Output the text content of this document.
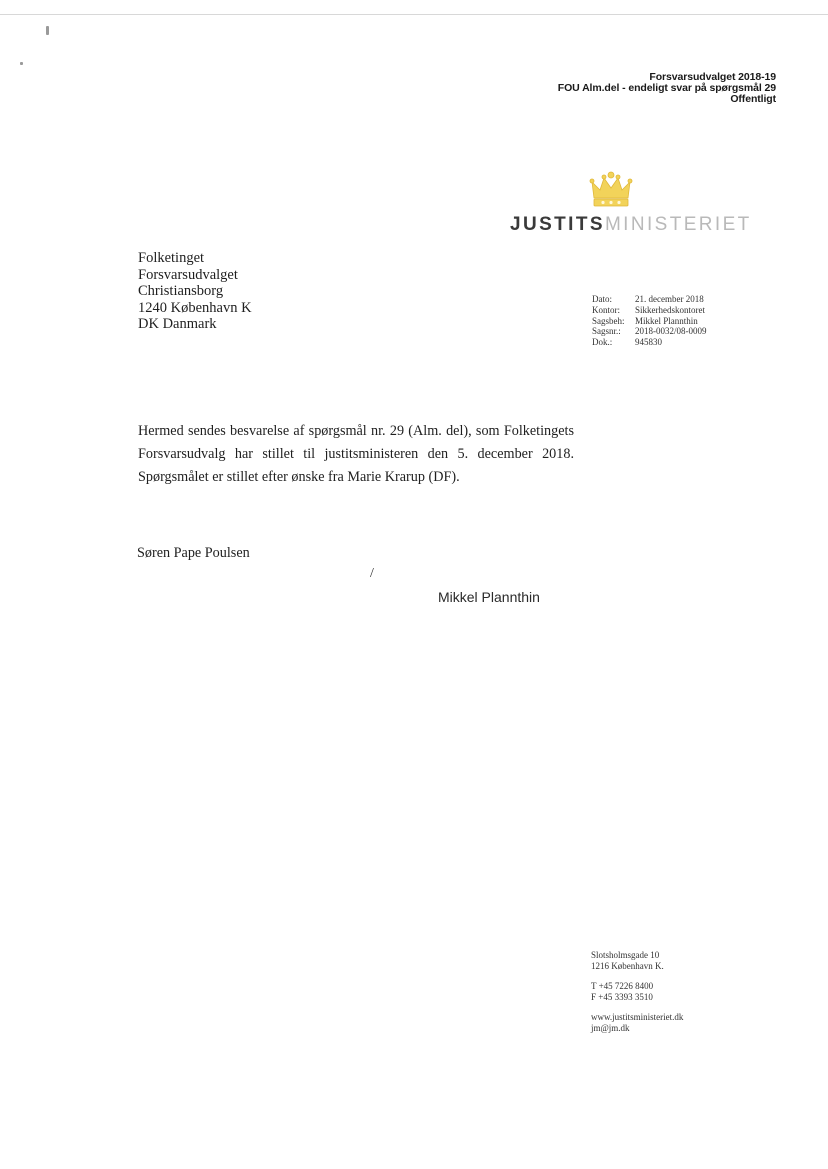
Forsvarsudvalget 2018-19
FOU Alm.del - endeligt svar på spørgsmål 29
Offentligt
JUSTITSMINISTERIET
Folketinget
Forsvarsudvalget
Christiansborg
1240 København K
DK Danmark
Dato:	21. december 2018
Kontor:	Sikkerhedskontoret
Sagsbeh:	Mikkel Plannthin
Sagsnr.:	2018-0032/08-0009
Dok.:	945830

Hermed sendes besvarelse af spørgsmål nr. 29 (Alm. del), som Folketingets Forsvarsudvalg har stillet til justitsministeren den 5. december 2018. Spørgsmålet er stillet efter ønske fra Marie Krarup (DF).

Søren Pape Poulsen
/
Mikkel Plannthin
Slotsholmsgade 10
1216 København K.
T +45 7226 8400
F +45 3393 3510
www.justitsministeriet.dk
jm@jm.dk
